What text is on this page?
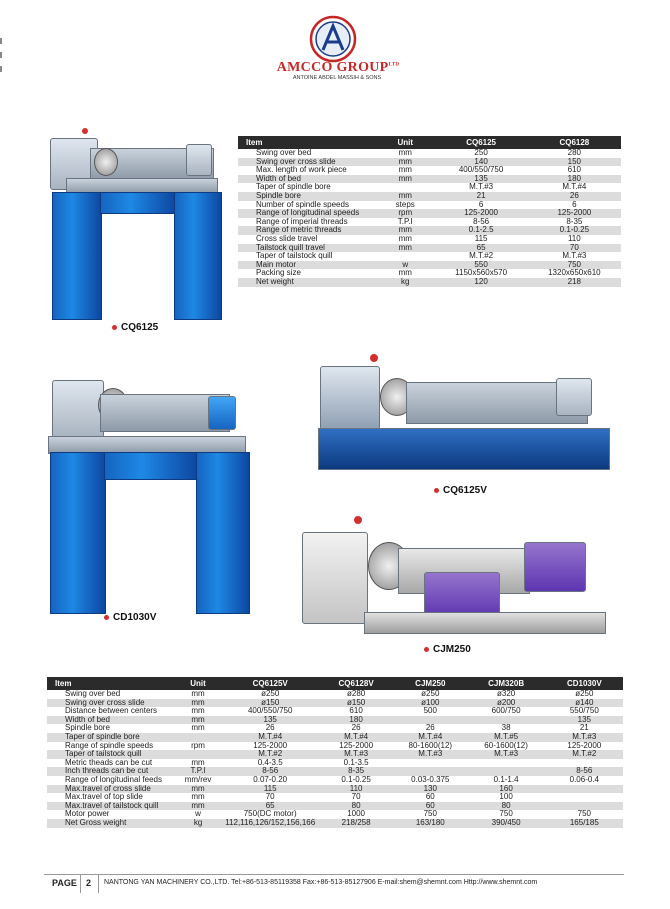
AMCCO $GROUP^{LTD}$
ANTOINE ABDEL MASSIH & SONS
CQ6125
Item	Unit	CQ6125	CQ6128
Swing over bed	mm	250	280
Swing over cross slide	mm	140	150
Max. length of work piece	mm	400/550/750	610
Width of bed	mm	135	180
Taper of spindle bore		M.T.#3	M.T.#4
Spindle bore	mm	21	26
Number of spindle speeds	steps	6	6
Range of longitudinal speeds	rpm	125-2000	125-2000
Range of imperial threads	T.P.I	8-56	8-35
Range of metric threads	mm	0.1-2.5	0.1-0.25
Cross slide travel	mm	115	110
Tailstock quill travel	mm	65	70
Taper of tailstock quill		M.T.#2	M.T.#3
Main motor	w	550	750
Packing size	mm	1150x560x570	1320x650x610
Net weight	kg	120	218
CD1030V
CQ6125V
CJM250
Item	Unit	CQ6125V	CQ6128V	CJM250	CJM320B	CD1030V
Swing over bed	mm	ø250	ø280	ø250	ø320	ø250
Swing over cross slide	mm	ø150	ø150	ø100	ø200	ø140
Distance between centers	mm	400/550/750	610	500	600/750	550/750
Width of bed	mm	135	180			135
Spindle bore	mm	26	26	26	38	21
Taper of spindle bore		M.T.#4	M.T.#4	M.T.#4	M.T.#5	M.T.#3
Range of spindle speeds	rpm	125-2000	125-2000	80-1600(12)	60-1600(12)	125-2000
Taper of tailstock quill		M.T.#2	M.T.#3	M.T.#3	M.T.#3	M.T.#2
Metric theads can be cut	mm	0.4-3.5	0.1-3.5			
Inch threads can be cut	T.P.I	8-56	8-35			8-56
Range of longitudinal feeds	mm/rev	0.07-0.20	0.1-0.25	0.03-0.375	0.1-1.4	0.06-0.4
Max.travel of cross slide	mm	115	110	130	160	
Max.travel of top slide	mm	70	70	60	100	
Max.travel of tailstock quill	mm	65	80	60	80	
Motor power	w	750(DC motor)	1000	750	750	750
Net Gross weight	kg	112,116,126/152,156,166	218/258	163/180	390/450	165/185
PAGE 2 NANTONG YAN MACHINERY CO.,LTD. Tel:+86-513-85119358 Fax:+86-513-85127906 E-mail:shem@shemnt.com Http://www.shemnt.com
